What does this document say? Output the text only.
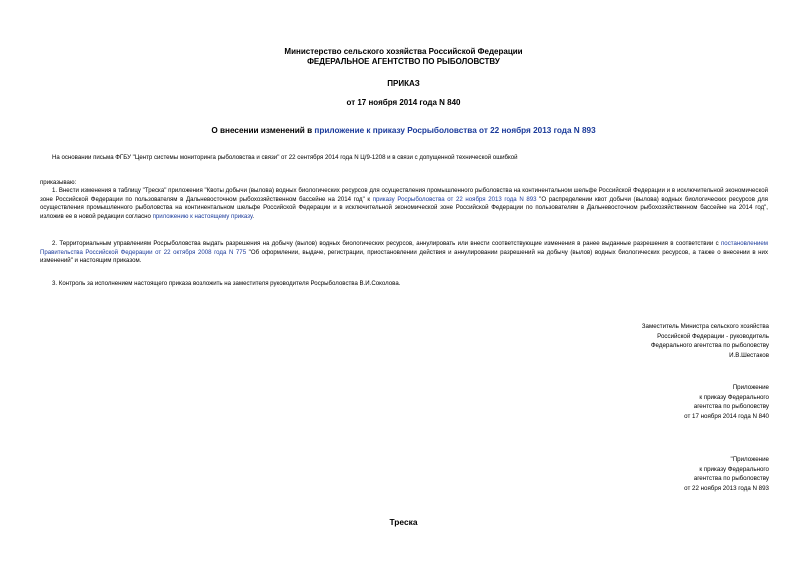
Министерство сельского хозяйства Российской Федерации
ФЕДЕРАЛЬНОЕ АГЕНТСТВО ПО РЫБОЛОВСТВУ
ПРИКАЗ
от 17 ноября 2014 года N 840
О внесении изменений в приложение к приказу Росрыболовства от 22 ноября 2013 года N 893
На основании письма ФГБУ "Центр системы мониторинга рыболовства и связи" от 22 сентября 2014 года N Ц/9-1208 и в связи с допущенной технической ошибкой
приказываю:
1. Внести изменения в таблицу "Треска" приложения "Квоты добычи (вылова) водных биологических ресурсов для осуществления промышленного рыболовства на континентальном шельфе Российской Федерации и в исключительной экономической зоне Российской Федерации по пользователям в Дальневосточном рыбохозяйственном бассейне на 2014 год" к приказу Росрыболовства от 22 ноября 2013 года N 893 "О распределении квот добычи (вылова) водных биологических ресурсов для осуществления промышленного рыболовства на континентальном шельфе Российской Федерации и в исключительной экономической зоне Российской Федерации по пользователям в Дальневосточном рыбохозяйственном бассейне на 2014 год", изложив ее в новой редакции согласно приложению к настоящему приказу.
2. Территориальным управлениям Росрыболовства выдать разрешения на добычу (вылов) водных биологических ресурсов, аннулировать или внести соответствующие изменения в ранее выданные разрешения в соответствии с постановлением Правительства Российской Федерации от 22 октября 2008 года N 775 "Об оформлении, выдаче, регистрации, приостановлении действия и аннулировании разрешений на добычу (вылов) водных биологических ресурсов, а также о внесении в них изменений" и настоящим приказом.
3. Контроль за исполнением настоящего приказа возложить на заместителя руководителя Росрыболовства В.И.Соколова.
Заместитель Министра сельского хозяйства
Российской Федерации - руководитель
Федерального агентства по рыболовству
И.В.Шестаков
Приложение
к приказу Федерального
агентства по рыболовству
от 17 ноября 2014 года N 840
"Приложение
к приказу Федерального
агентства по рыболовству
от 22 ноября 2013 года N 893
Треска
